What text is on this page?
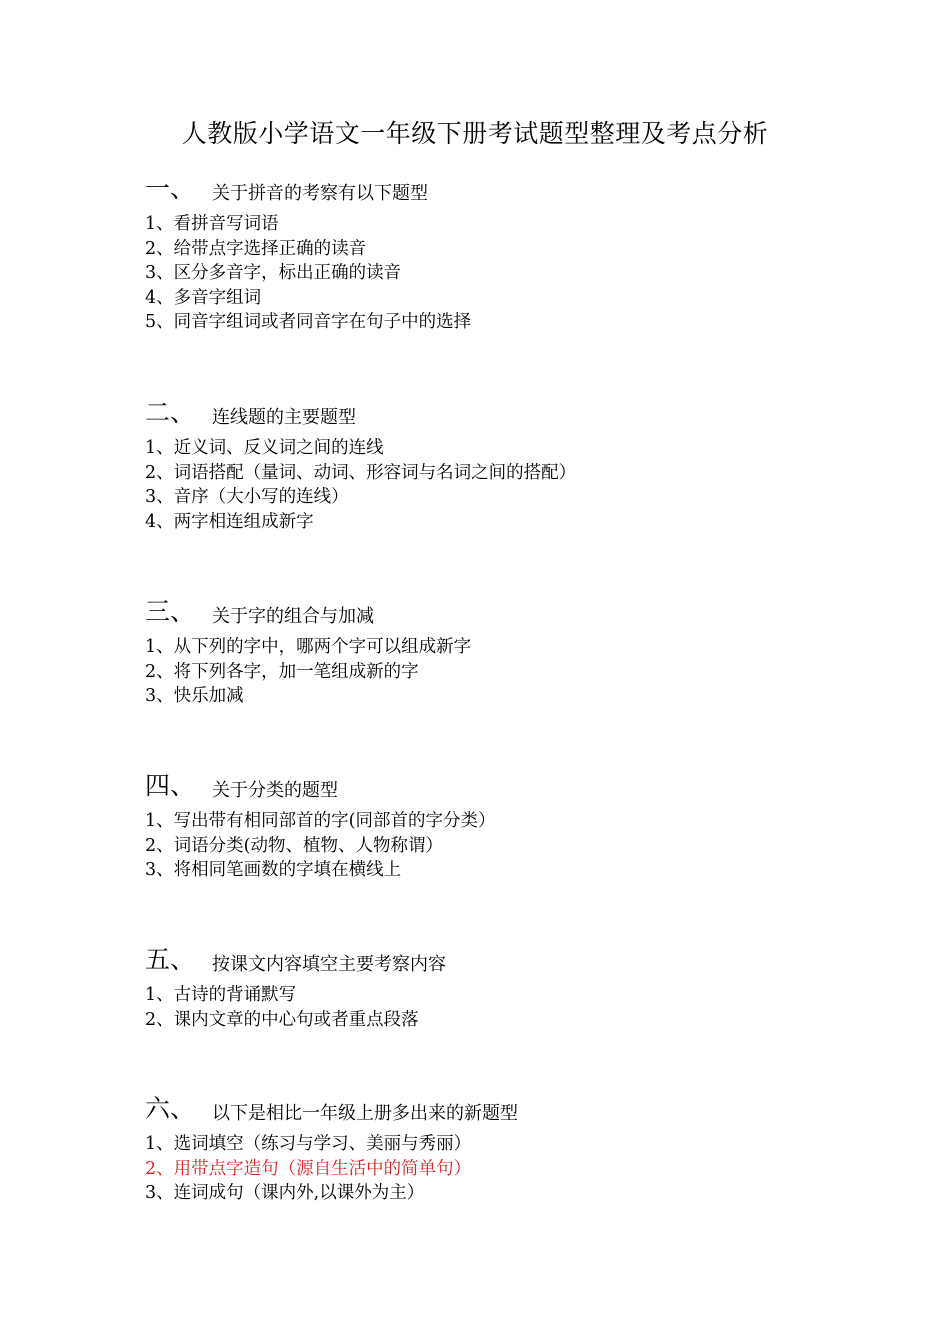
人教版小学语文一年级下册考试题型整理及考点分析
一、 关于拼音的考察有以下题型
1、看拼音写词语
2、给带点字选择正确的读音
3、区分多音字，标出正确的读音
4、多音字组词
5、同音字组词或者同音字在句子中的选择
二、 连线题的主要题型
1、近义词、反义词之间的连线
2、词语搭配（量词、动词、形容词与名词之间的搭配）
3、音序（大小写的连线）
4、两字相连组成新字
三、 关于字的组合与加减
1、从下列的字中，哪两个字可以组成新字
2、将下列各字，加一笔组成新的字
3、快乐加减
四、 关于分类的题型
1、写出带有相同部首的字(同部首的字分类）
2、词语分类(动物、植物、人物称谓）
3、将相同笔画数的字填在横线上
五、 按课文内容填空主要考察内容
1、古诗的背诵默写
2、课内文章的中心句或者重点段落
六、 以下是相比一年级上册多出来的新题型
1、选词填空（练习与学习、美丽与秀丽）
2、用带点字造句（源自生活中的简单句）
3、连词成句（课内外,以课外为主）
